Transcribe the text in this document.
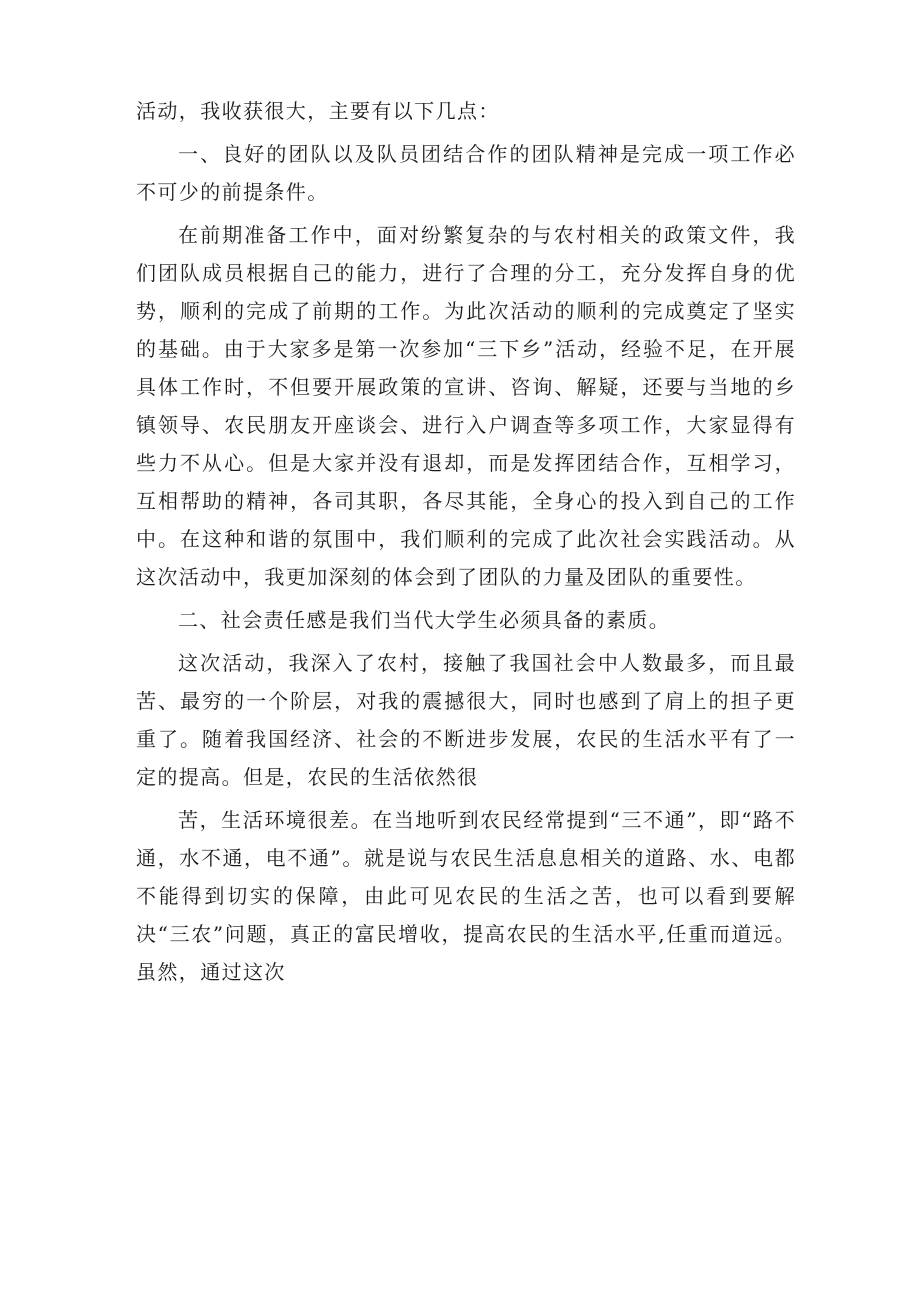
活动，我收获很大，主要有以下几点：

一、良好的团队以及队员团结合作的团队精神是完成一项工作必不可少的前提条件。

在前期准备工作中，面对纷繁复杂的与农村相关的政策文件，我们团队成员根据自己的能力，进行了合理的分工，充分发挥自身的优势，顺利的完成了前期的工作。为此次活动的顺利的完成奠定了坚实的基础。由于大家多是第一次参加“三下乡”活动，经验不足，在开展具体工作时，不但要开展政策的宣讲、咨询、解疑，还要与当地的乡镇领导、农民朋友开座谈会、进行入户调查等多项工作，大家显得有些力不从心。但是大家并没有退却，而是发挥团结合作，互相学习，互相帮助的精神，各司其职，各尽其能，全身心的投入到自己的工作中。在这种和谐的氛围中，我们顺利的完成了此次社会实践活动。从这次活动中，我更加深刻的体会到了团队的力量及团队的重要性。

二、社会责任感是我们当代大学生必须具备的素质。

这次活动，我深入了农村，接触了我国社会中人数最多，而且最苦、最穷的一个阶层，对我的震撼很大，同时也感到了肩上的担子更重了。随着我国经济、社会的不断进步发展，农民的生活水平有了一定的提高。但是，农民的生活依然很

苦，生活环境很差。在当地听到农民经常提到“三不通”，即“路不通，水不通，电不通”。就是说与农民生活息息相关的道路、水、电都不能得到切实的保障，由此可见农民的生活之苦，也可以看到要解决“三农”问题，真正的富民增收，提高农民的生活水平,任重而道远。虽然，通过这次
